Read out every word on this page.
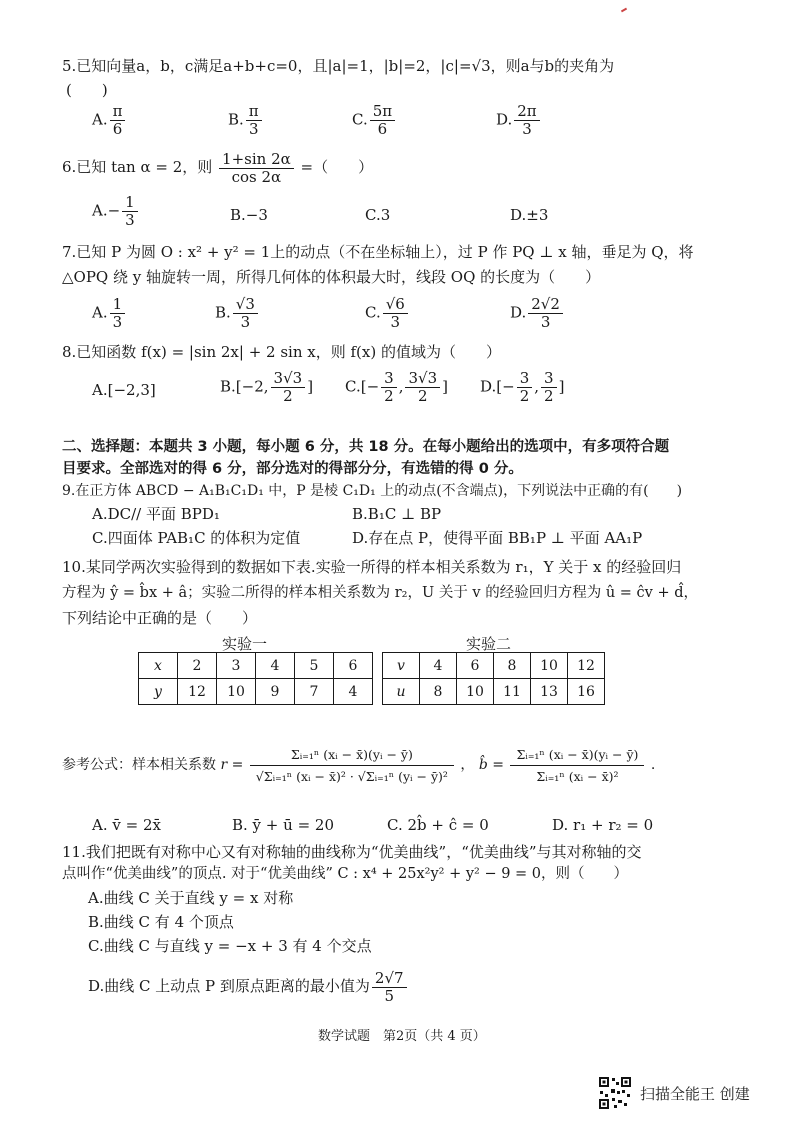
5.已知向量a，b，c满足a+b+c=0，且|a|=1，|b|=2，|c|=√3，则a与b的夹角为
(　　)
A. $\frac{\pi}{6}$	B. $\frac{\pi}{3}$	C. $\frac{5\pi}{6}$	D. $\frac{2\pi}{3}$
6.已知 tan α = 2，则 $\frac{1+\sin 2\alpha}{\cos 2\alpha}$ =（　　）
$A.- \frac{1}{3}$	B.−3	C.3	D.±3
7.已知 P 为圆 O : x² + y² = 1上的动点（不在坐标轴上），过 P 作 PQ ⊥ x 轴，垂足为 Q，将
△OPQ 绕 y 轴旋转一周，所得几何体的体积最大时，线段 OQ 的长度为（　　）
A. $\frac{1}{3}$	B. $\frac{√3}{3}$	C. $\frac{√6}{3}$	D. $\frac{2√2}{3}$
8.已知函数 f(x) = |sin 2x| + 2 sin x，则 f(x) 的值域为（　　）
A.[−2,3]	B.[−2, $\frac{3√3}{2}$ ] $C.[- \frac{3}{2}$ , $\frac{3√3}{2}$ ] $D.[- \frac{3}{2}$ , $\frac{3}{2}$ ]
二、选择题：本题共 3 小题，每小题 6 分，共 18 分。在每小题给出的选项中，有多项符合题
目要求。全部选对的得 6 分，部分选对的得部分分，有选错的得 0 分。
9.在正方体 ABCD − A₁B₁C₁D₁ 中，P 是棱 C₁D₁ 上的动点(不含端点)，下列说法中正确的有(　　)
A.DC// 平面 BPD₁	B.B₁C ⊥ BP
C.四面体 PAB₁C 的体积为定值	D.存在点 P，使得平面 BB₁P ⊥ 平面 AA₁P
10.某同学两次实验得到的数据如下表.实验一所得的样本相关系数为 r₁，Y 关于 x 的经验回归
方程为 ŷ = b̂x + â；实验二所得的样本相关系数为 r₂，U 关于 v 的经验回归方程为 û = ĉv + d̂，
下列结论中正确的是（　　）
实验一
x	2	3	4	5	6
y	12	10	9	7	4
实验二
v	4	6	8	10	12
u	8	10	11	13	16
参考公式：样本相关系数 $r = \frac{\text{Σᵢ₌₁ⁿ (xᵢ − x̄)(yᵢ − ȳ)}}{\text{√Σᵢ₌₁ⁿ (xᵢ − x̄)² · √Σᵢ₌₁ⁿ (yᵢ − ȳ)²}}$ ， b̂ = $\frac{\text{Σᵢ₌₁ⁿ (xᵢ − x̄)(yᵢ − ȳ)}}{\text{Σᵢ₌₁ⁿ (xᵢ − x̄)²}}$ .
A. v̄ = 2x̄	B. ȳ + ū = 20	C. 2b̂ + ĉ = 0	D. r₁ + r₂ = 0
11.我们把既有对称中心又有对称轴的曲线称为“优美曲线”，“优美曲线”与其对称轴的交
点叫作“优美曲线”的顶点. 对于“优美曲线” C : x⁴ + 25x²y² + y² − 9 = 0，则（　　）
A.曲线 C 关于直线 y = x 对称
B.曲线 C 有 4 个顶点
C.曲线 C 与直线 y = −x + 3 有 4 个交点
D.曲线 C 上动点 P 到原点距离的最小值为 $\frac{2√7}{5}$
数学试题　第2页（共 4 页）
扫描全能王 创建
